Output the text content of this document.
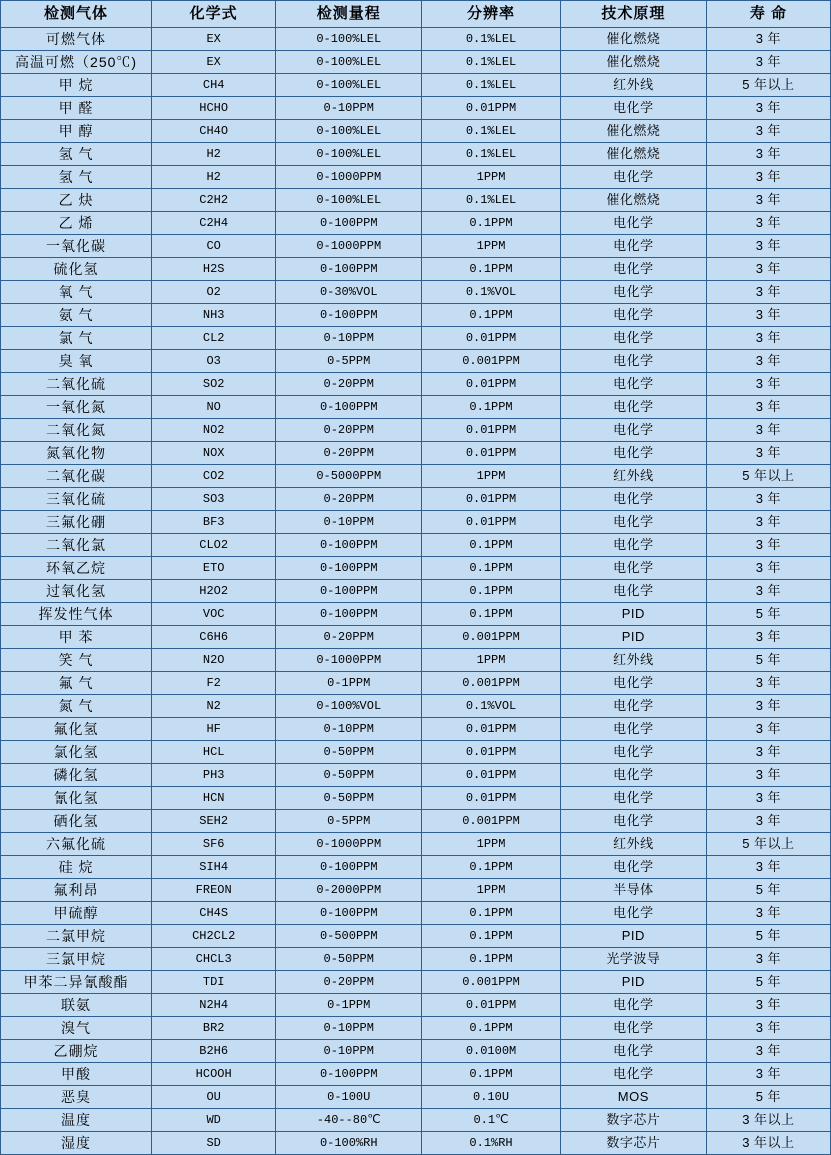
检测气体	化学式	检测量程	分辨率	技术原理	寿 命
可燃气体	EX	0-100%LEL	0.1%LEL	催化燃烧	3 年
高温可燃（250℃)	EX	0-100%LEL	0.1%LEL	催化燃烧	3 年
甲 烷	CH4	0-100%LEL	0.1%LEL	红外线	5 年以上
甲 醛	HCHO	0-10PPM	0.01PPM	电化学	3 年
甲 醇	CH4O	0-100%LEL	0.1%LEL	催化燃烧	3 年
氢 气	H2	0-100%LEL	0.1%LEL	催化燃烧	3 年
氢 气	H2	0-1000PPM	1PPM	电化学	3 年
乙 炔	C2H2	0-100%LEL	0.1%LEL	催化燃烧	3 年
乙 烯	C2H4	0-100PPM	0.1PPM	电化学	3 年
一氧化碳	CO	0-1000PPM	1PPM	电化学	3 年
硫化氢	H2S	0-100PPM	0.1PPM	电化学	3 年
氧 气	O2	0-30%VOL	0.1%VOL	电化学	3 年
氨 气	NH3	0-100PPM	0.1PPM	电化学	3 年
氯 气	CL2	0-10PPM	0.01PPM	电化学	3 年
臭 氧	O3	0-5PPM	0.001PPM	电化学	3 年
二氧化硫	SO2	0-20PPM	0.01PPM	电化学	3 年
一氧化氮	NO	0-100PPM	0.1PPM	电化学	3 年
二氧化氮	NO2	0-20PPM	0.01PPM	电化学	3 年
氮氧化物	NOX	0-20PPM	0.01PPM	电化学	3 年
二氧化碳	CO2	0-5000PPM	1PPM	红外线	5 年以上
三氧化硫	SO3	0-20PPM	0.01PPM	电化学	3 年
三氟化硼	BF3	0-10PPM	0.01PPM	电化学	3 年
二氧化氯	CLO2	0-100PPM	0.1PPM	电化学	3 年
环氧乙烷	ETO	0-100PPM	0.1PPM	电化学	3 年
过氧化氢	H2O2	0-100PPM	0.1PPM	电化学	3 年
挥发性气体	VOC	0-100PPM	0.1PPM	PID	5 年
甲 苯	C6H6	0-20PPM	0.001PPM	PID	3 年
笑 气	N2O	0-1000PPM	1PPM	红外线	5 年
氟 气	F2	0-1PPM	0.001PPM	电化学	3 年
氮 气	N2	0-100%VOL	0.1%VOL	电化学	3 年
氟化氢	HF	0-10PPM	0.01PPM	电化学	3 年
氯化氢	HCL	0-50PPM	0.01PPM	电化学	3 年
磷化氢	PH3	0-50PPM	0.01PPM	电化学	3 年
氰化氢	HCN	0-50PPM	0.01PPM	电化学	3 年
硒化氢	SEH2	0-5PPM	0.001PPM	电化学	3 年
六氟化硫	SF6	0-1000PPM	1PPM	红外线	5 年以上
硅 烷	SIH4	0-100PPM	0.1PPM	电化学	3 年
氟利昂	FREON	0-2000PPM	1PPM	半导体	5 年
甲硫醇	CH4S	0-100PPM	0.1PPM	电化学	3 年
二氯甲烷	CH2CL2	0-500PPM	0.1PPM	PID	5 年
三氯甲烷	CHCL3	0-50PPM	0.1PPM	光学波导	3 年
甲苯二异氰酸酯	TDI	0-20PPM	0.001PPM	PID	5 年
联氨	N2H4	0-1PPM	0.01PPM	电化学	3 年
溴气	BR2	0-10PPM	0.1PPM	电化学	3 年
乙硼烷	B2H6	0-10PPM	0.0100M	电化学	3 年
甲酸	HCOOH	0-100PPM	0.1PPM	电化学	3 年
恶臭	OU	0-100U	0.10U	MOS	5 年
温度	WD	-40--80℃	0.1℃	数字芯片	3 年以上
湿度	SD	0-100%RH	0.1%RH	数字芯片	3 年以上
